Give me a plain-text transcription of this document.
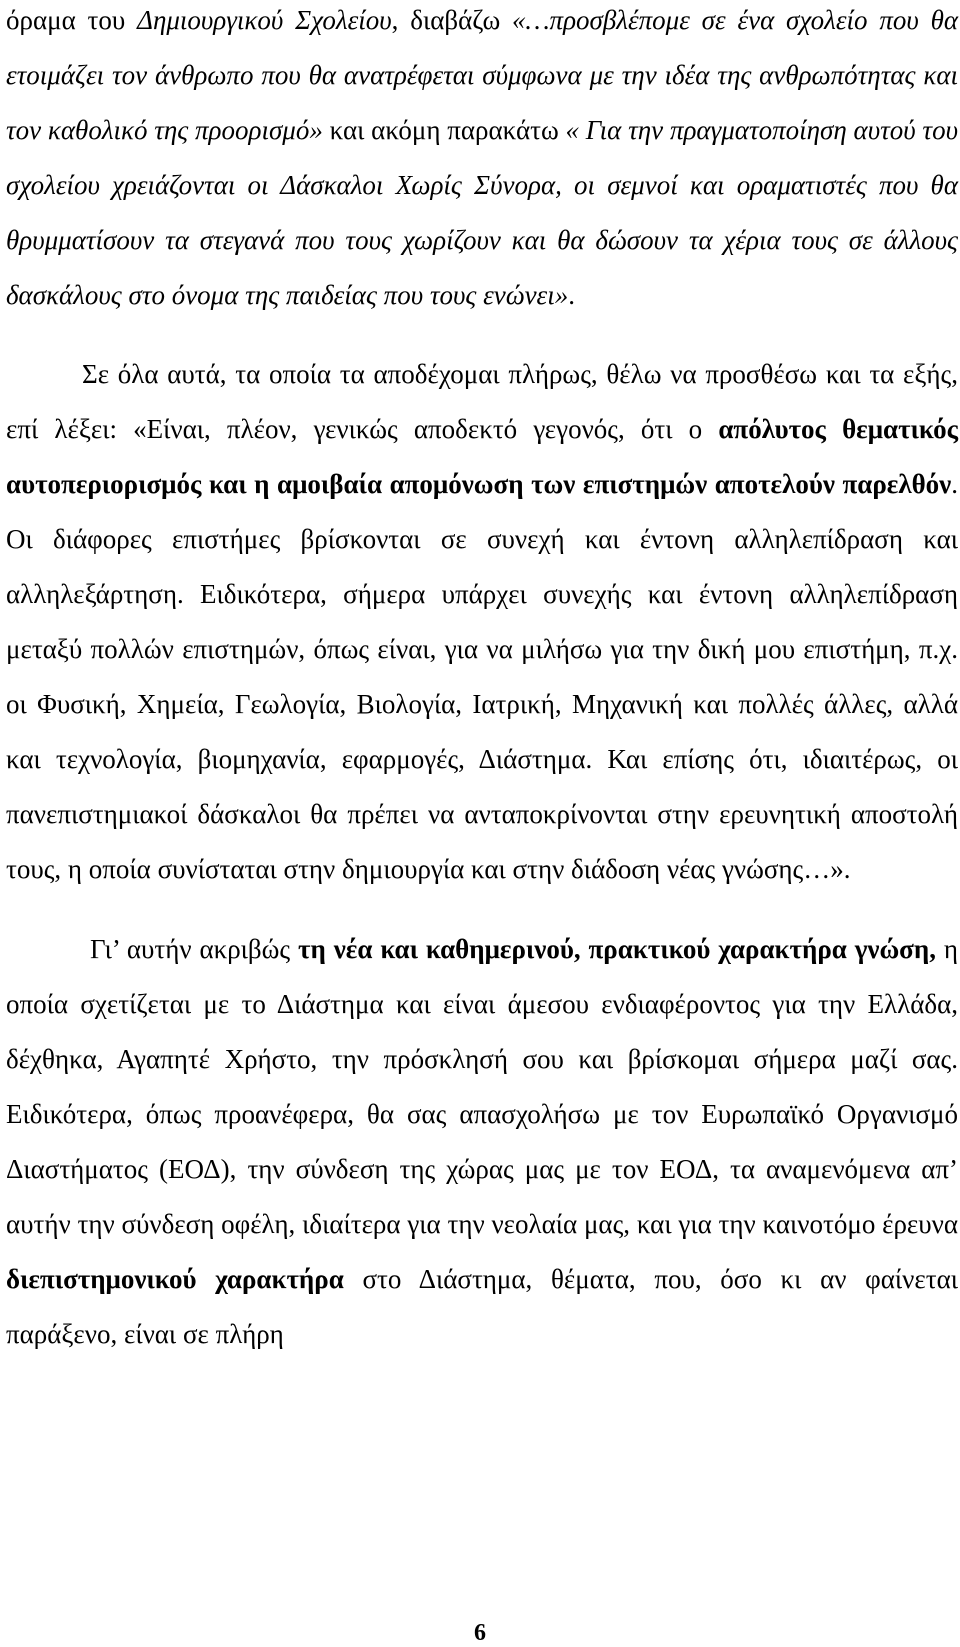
όραμα του Δημιουργικού Σχολείου, διαβάζω «…προσβλέπομε σε ένα σχολείο που θα ετοιμάζει τον άνθρωπο που θα ανατρέφεται σύμφωνα με την ιδέα της ανθρωπότητας και τον καθολικό της προορισμό» και ακόμη παρακάτω « Για την πραγματοποίηση αυτού του σχολείου χρειάζονται οι Δάσκαλοι Χωρίς Σύνορα, οι σεμνοί και οραματιστές που θα θρυμματίσουν τα στεγανά που τους χωρίζουν και θα δώσουν τα χέρια τους σε άλλους δασκάλους στο όνομα της παιδείας που τους ενώνει».

Σε όλα αυτά, τα οποία τα αποδέχομαι πλήρως, θέλω να προσθέσω και τα εξής, επί λέξει: «Είναι, πλέον, γενικώς αποδεκτό γεγονός, ότι ο απόλυτος θεματικός αυτοπεριορισμός και η αμοιβαία απομόνωση των επιστημών αποτελούν παρελθόν. Οι διάφορες επιστήμες βρίσκονται σε συνεχή και έντονη αλληλεπίδραση και αλληλεξάρτηση. Ειδικότερα, σήμερα υπάρχει συνεχής και έντονη αλληλεπίδραση μεταξύ πολλών επιστημών, όπως είναι, για να μιλήσω για την δική μου επιστήμη, π.χ. οι Φυσική, Χημεία, Γεωλογία, Βιολογία, Ιατρική, Μηχανική και πολλές άλλες, αλλά και τεχνολογία, βιομηχανία, εφαρμογές, Διάστημα. Και επίσης ότι, ιδιαιτέρως, οι πανεπιστημιακοί δάσκαλοι θα πρέπει να ανταποκρίνονται στην ερευνητική αποστολή τους, η οποία συνίσταται στην δημιουργία και στην διάδοση νέας γνώσης…».

Γι’ αυτήν ακριβώς τη νέα και καθημερινού, πρακτικού χαρακτήρα γνώση, η οποία σχετίζεται με το Διάστημα και είναι άμεσου ενδιαφέροντος για την Ελλάδα, δέχθηκα, Αγαπητέ Χρήστο, την πρόσκλησή σου και βρίσκομαι σήμερα μαζί σας. Ειδικότερα, όπως προανέφερα, θα σας απασχολήσω με τον Ευρωπαϊκό Οργανισμό Διαστήματος (ΕΟΔ), την σύνδεση της χώρας μας με τον ΕΟΔ, τα αναμενόμενα απ’ αυτήν την σύνδεση οφέλη, ιδιαίτερα για την νεολαία μας, και για την καινοτόμο έρευνα διεπιστημονικού χαρακτήρα στο Διάστημα, θέματα, που, όσο κι αν φαίνεται παράξενο, είναι σε πλήρη

6
